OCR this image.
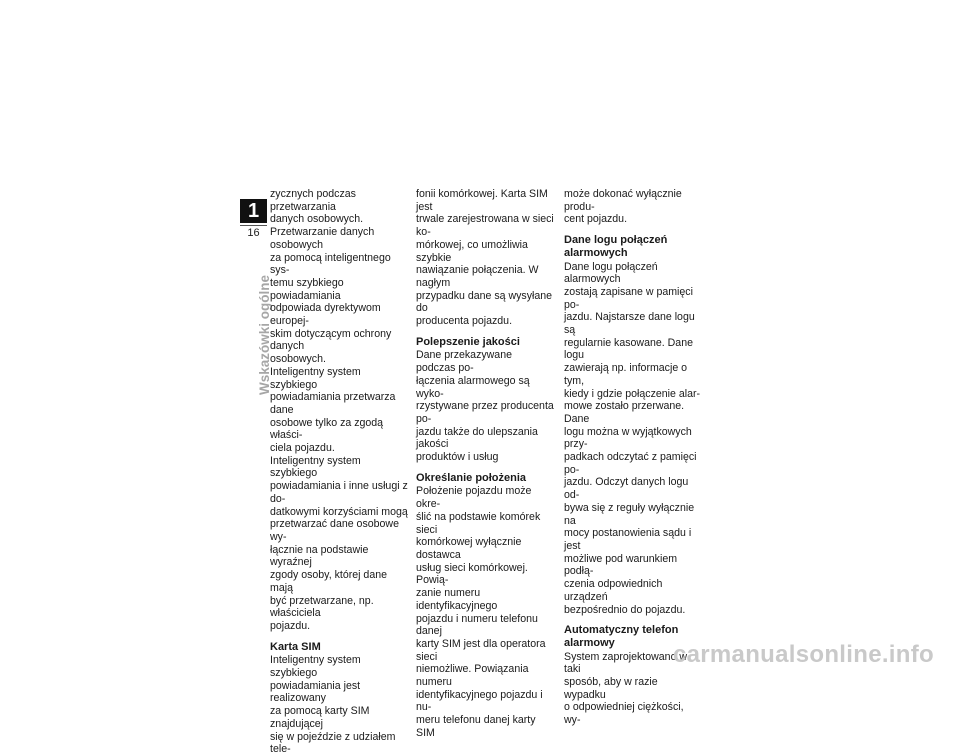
1
16
Wskazówki ogólne

zycznych podczas przetwarzania
danych osobowych.

Przetwarzanie danych osobowych
za pomocą inteligentnego sys-
temu szybkiego powiadamiania
odpowiada dyrektywom europej-
skim dotyczącym ochrony danych
osobowych.

Inteligentny system szybkiego
powiadamiania przetwarza dane
osobowe tylko za zgodą właści-
ciela pojazdu.

Inteligentny system szybkiego
powiadamiania i inne usługi z do-
datkowymi korzyściami mogą
przetwarzać dane osobowe wy-
łącznie na podstawie wyraźnej
zgody osoby, której dane mają
być przetwarzane, np. właściciela
pojazdu.

Karta SIM

Inteligentny system szybkiego
powiadamiania jest realizowany
za pomocą karty SIM znajdującej
się w pojeździe z udziałem tele-

fonii komórkowej. Karta SIM jest
trwale zarejestrowana w sieci ko-
mórkowej, co umożliwia szybkie
nawiązanie połączenia. W nagłym
przypadku dane są wysyłane do
producenta pojazdu.

Polepszenie jakości

Dane przekazywane podczas po-
łączenia alarmowego są wyko-
rzystywane przez producenta po-
jazdu także do ulepszania jakości
produktów i usług

Określanie położenia

Położenie pojazdu może okre-
ślić na podstawie komórek sieci
komórkowej wyłącznie dostawca
usług sieci komórkowej. Powią-
zanie numeru identyfikacyjnego
pojazdu i numeru telefonu danej
karty SIM jest dla operatora sieci
niemożliwe. Powiązania numeru
identyfikacyjnego pojazdu i nu-
meru telefonu danej karty SIM

może dokonać wyłącznie produ-
cent pojazdu.

Dane logu połączeń
alarmowych

Dane logu połączeń alarmowych
zostają zapisane w pamięci po-
jazdu. Najstarsze dane logu są
regularnie kasowane. Dane logu
zawierają np. informacje o tym,
kiedy i gdzie połączenie alar-
mowe zostało przerwane. Dane
logu można w wyjątkowych przy-
padkach odczytać z pamięci po-
jazdu. Odczyt danych logu od-
bywa się z reguły wyłącznie na
mocy postanowienia sądu i jest
możliwe pod warunkiem podłą-
czenia odpowiednich urządzeń
bezpośrednio do pojazdu.

Automatyczny telefon
alarmowy

System zaprojektowano w taki
sposób, aby w razie wypadku
o odpowiedniej ciężkości, wy-

carmanualsonline.info
